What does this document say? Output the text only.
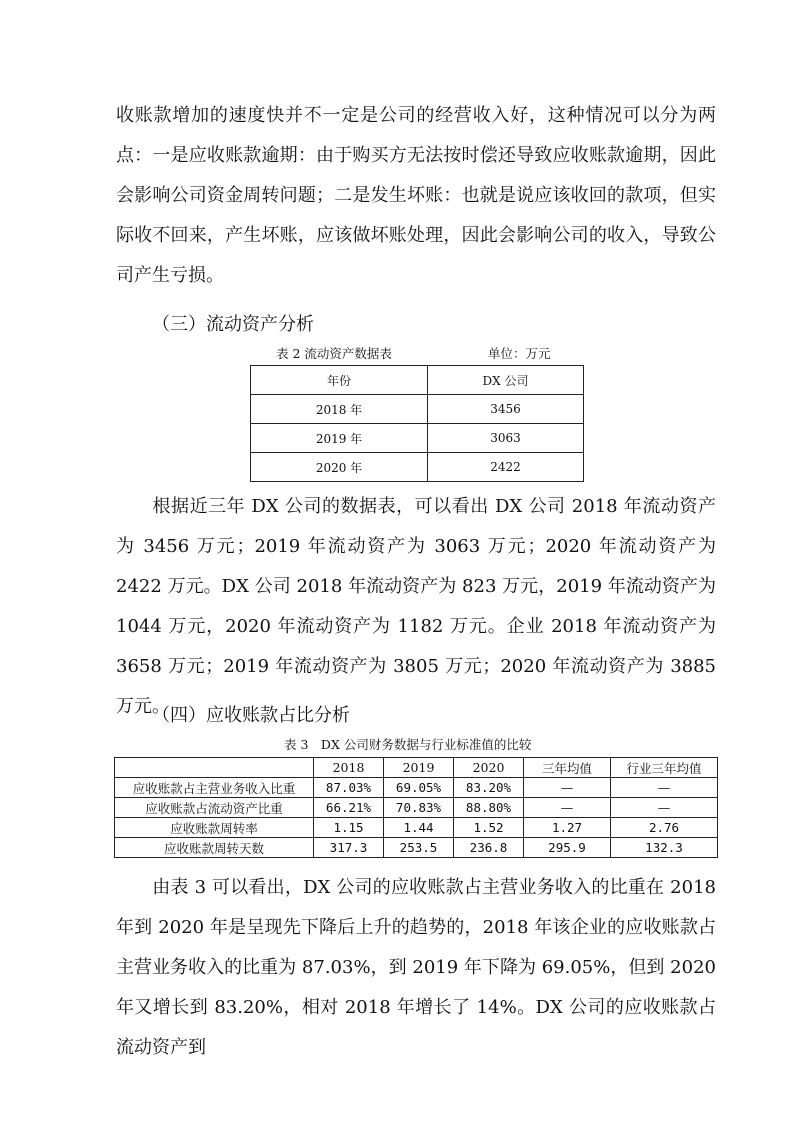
收账款增加的速度快并不一定是公司的经营收入好，这种情况可以分为两点：一是应收账款逾期：由于购买方无法按时偿还导致应收账款逾期，因此会影响公司资金周转问题；二是发生坏账：也就是说应该收回的款项，但实际收不回来，产生坏账，应该做坏账处理，因此会影响公司的收入，导致公司产生亏损。

（三）流动资产分析

表 2 流动资产数据表	单位：万元

年份	DX 公司
2018 年	3456
2019 年	3063
2020 年	2422

根据近三年 DX 公司的数据表，可以看出 DX 公司 2018 年流动资产为 3456 万元；2019 年流动资产为 3063 万元；2020 年流动资产为 2422 万元。DX 公司 2018 年流动资产为 823 万元，2019 年流动资产为 1044 万元，2020 年流动资产为 1182 万元。企业 2018 年流动资产为 3658 万元；2019 年流动资产为 3805 万元；2020 年流动资产为 3885 万元。

（四）应收账款占比分析

表 3　DX 公司财务数据与行业标准值的比较

	2018	2019	2020	三年均值	行业三年均值
应收账款占主营业务收入比重	87.03%	69.05%	83.20%	—	—
应收账款占流动资产比重	66.21%	70.83%	88.80%	—	—
应收账款周转率	1.15	1.44	1.52	1.27	2.76
应收账款周转天数	317.3	253.5	236.8	295.9	132.3

由表 3 可以看出，DX 公司的应收账款占主营业务收入的比重在 2018 年到 2020 年是呈现先下降后上升的趋势的，2018 年该企业的应收账款占主营业务收入的比重为 87.03%，到 2019 年下降为 69.05%，但到 2020 年又增长到 83.20%，相对 2018 年增长了 14%。DX 公司的应收账款占流动资产到
